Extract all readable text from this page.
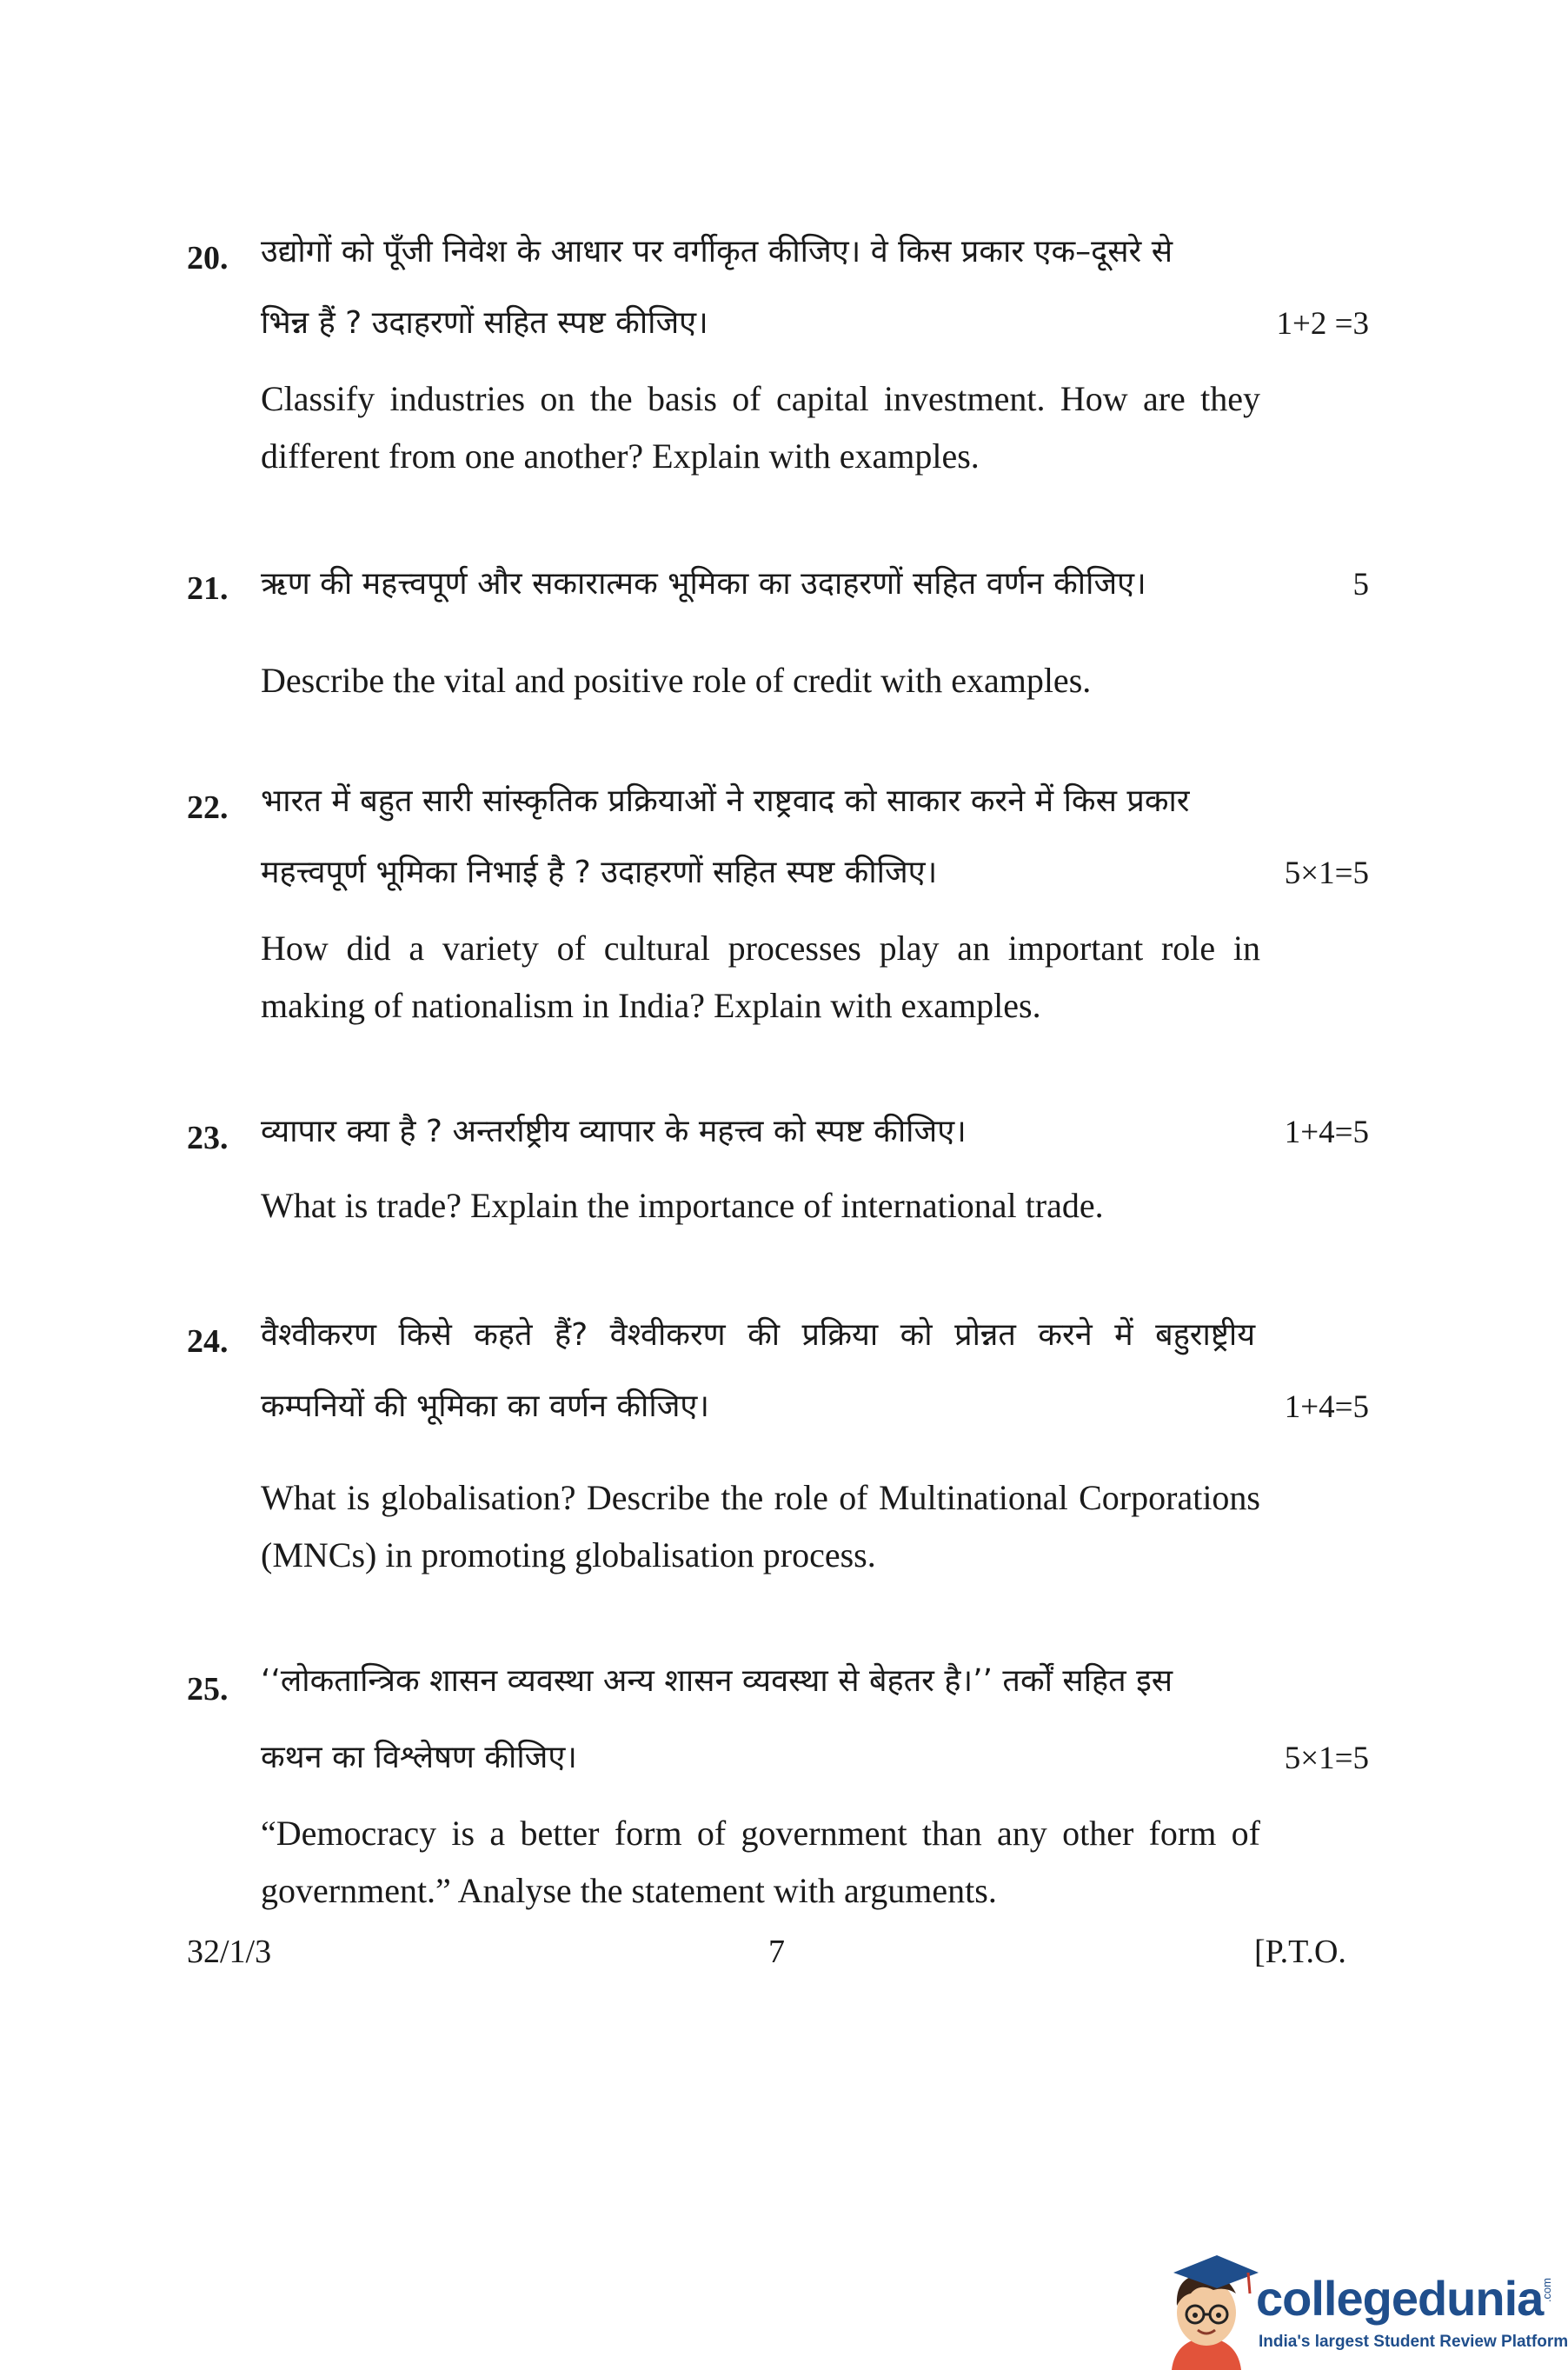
20. उद्योगों को पूँजी निवेश के आधार पर वर्गीकृत कीजिए। वे किस प्रकार एक–दूसरे से
भिन्न हैं ? उदाहरणों सहित स्पष्ट कीजिए।	1+2 =3
Classify industries on the basis of capital investment. How are they different from one another? Explain with examples.
21. ऋण की महत्त्वपूर्ण और सकारात्मक भूमिका का उदाहरणों सहित वर्णन कीजिए।	5
Describe the vital and positive role of credit with examples.
22. भारत में बहुत सारी सांस्कृतिक प्रक्रियाओं ने राष्ट्रवाद को साकार करने में किस प्रकार
महत्त्वपूर्ण भूमिका निभाई है ? उदाहरणों सहित स्पष्ट कीजिए।	5×1=5
How did a variety of cultural processes play an important role in making of nationalism in India? Explain with examples.
23. व्यापार क्या है ? अन्तर्राष्ट्रीय व्यापार के महत्त्व को स्पष्ट कीजिए।	1+4=5
What is trade? Explain the importance of international trade.
24. वैश्वीकरण किसे कहते हैं? वैश्वीकरण की प्रक्रिया को प्रोन्नत करने में बहुराष्ट्रीय
कम्पनियों की भूमिका का वर्णन कीजिए।	1+4=5
What is globalisation? Describe the role of Multinational Corporations (MNCs) in promoting globalisation process.
25. ‘‘लोकतान्त्रिक शासन व्यवस्था अन्य शासन व्यवस्था से बेहतर है।’’ तर्कों सहित इस
कथन का विश्लेषण कीजिए।	5×1=5
“Democracy is a better form of government than any other form of government.” Analyse the statement with arguments.
32/1/3	7	[P.T.O.
collegedunia
.com
India's largest Student Review Platform
